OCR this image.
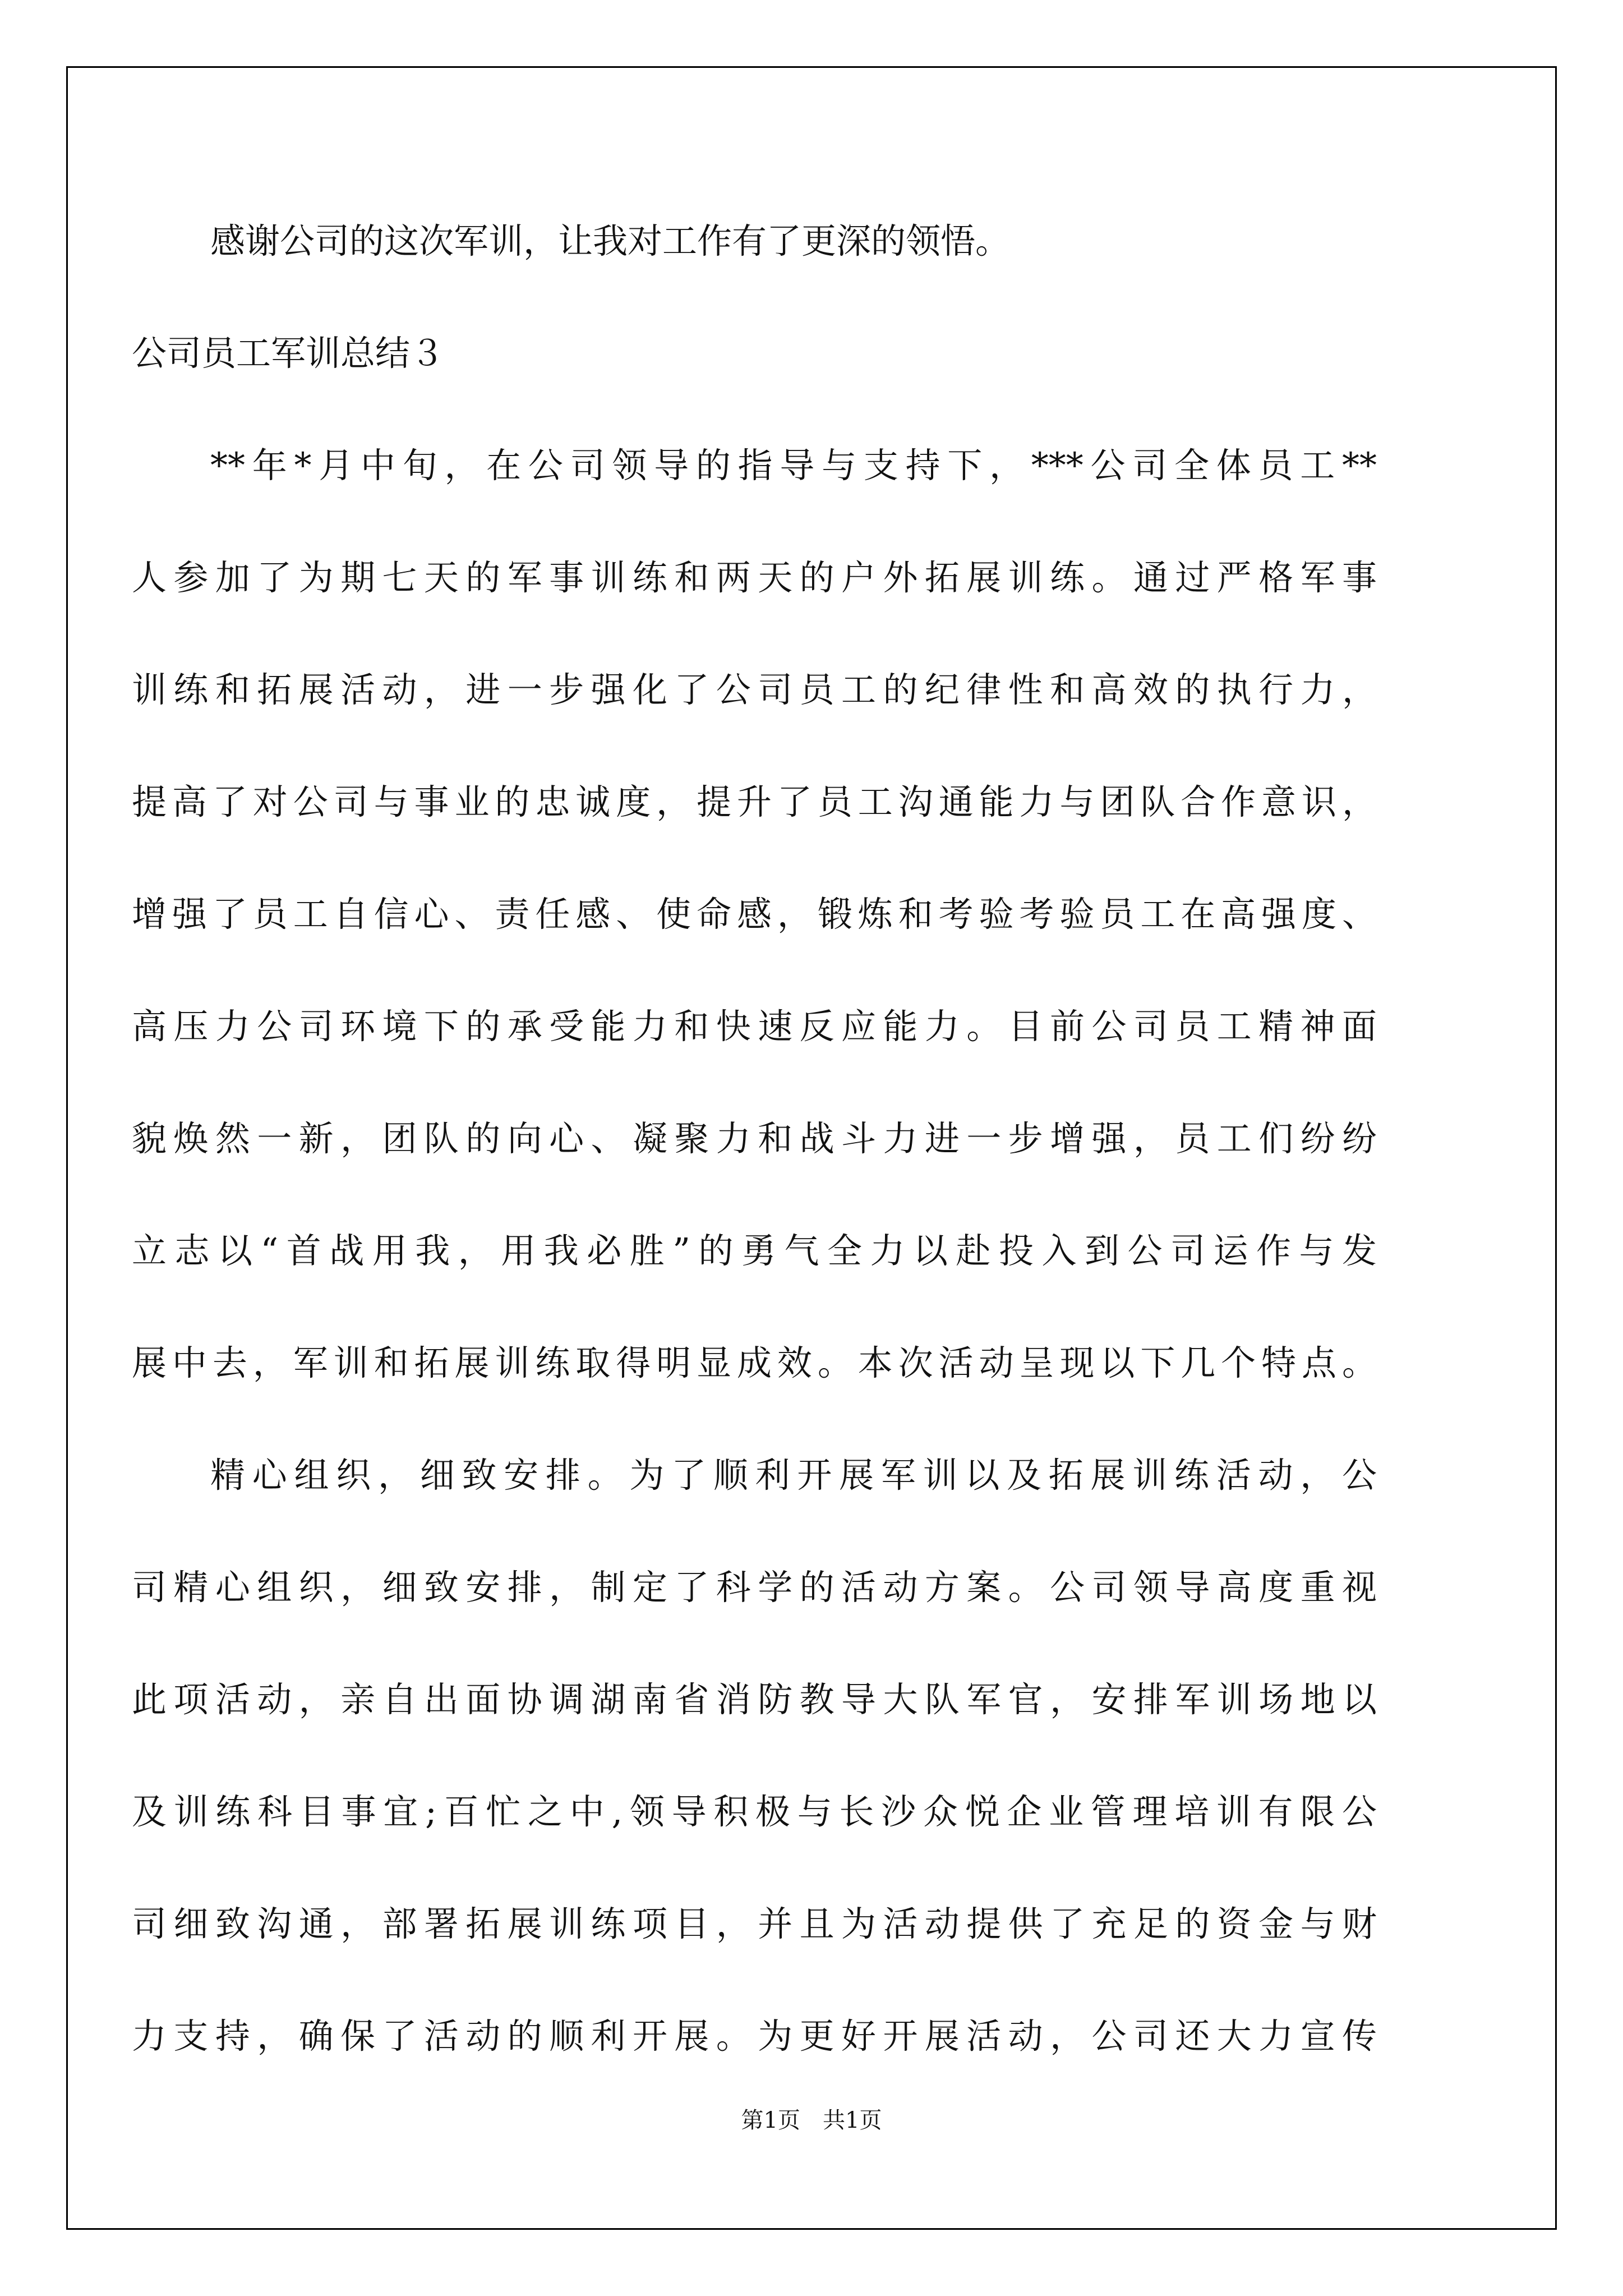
感谢公司的这次军训，让我对工作有了更深的领悟。

公司员工军训总结３

**年*月中旬，在公司领导的指导与支持下，***公司全体员工**

人参加了为期七天的军事训练和两天的户外拓展训练。通过严格军事

训练和拓展活动，进一步强化了公司员工的纪律性和高效的执行力，

提高了对公司与事业的忠诚度，提升了员工沟通能力与团队合作意识，

增强了员工自信心、责任感、使命感，锻炼和考验考验员工在高强度、

高压力公司环境下的承受能力和快速反应能力。目前公司员工精神面

貌焕然一新，团队的向心、凝聚力和战斗力进一步增强，员工们纷纷

立志以“首战用我，用我必胜”的勇气全力以赴投入到公司运作与发

展中去，军训和拓展训练取得明显成效。本次活动呈现以下几个特点。

精心组织，细致安排。为了顺利开展军训以及拓展训练活动，公

司精心组织，细致安排，制定了科学的活动方案。公司领导高度重视

此项活动，亲自出面协调湖南省消防教导大队军官，安排军训场地以

及训练科目事宜;百忙之中,领导积极与长沙众悦企业管理培训有限公

司细致沟通，部署拓展训练项目，并且为活动提供了充足的资金与财

力支持，确保了活动的顺利开展。为更好开展活动，公司还大力宣传

第1页　共1页
